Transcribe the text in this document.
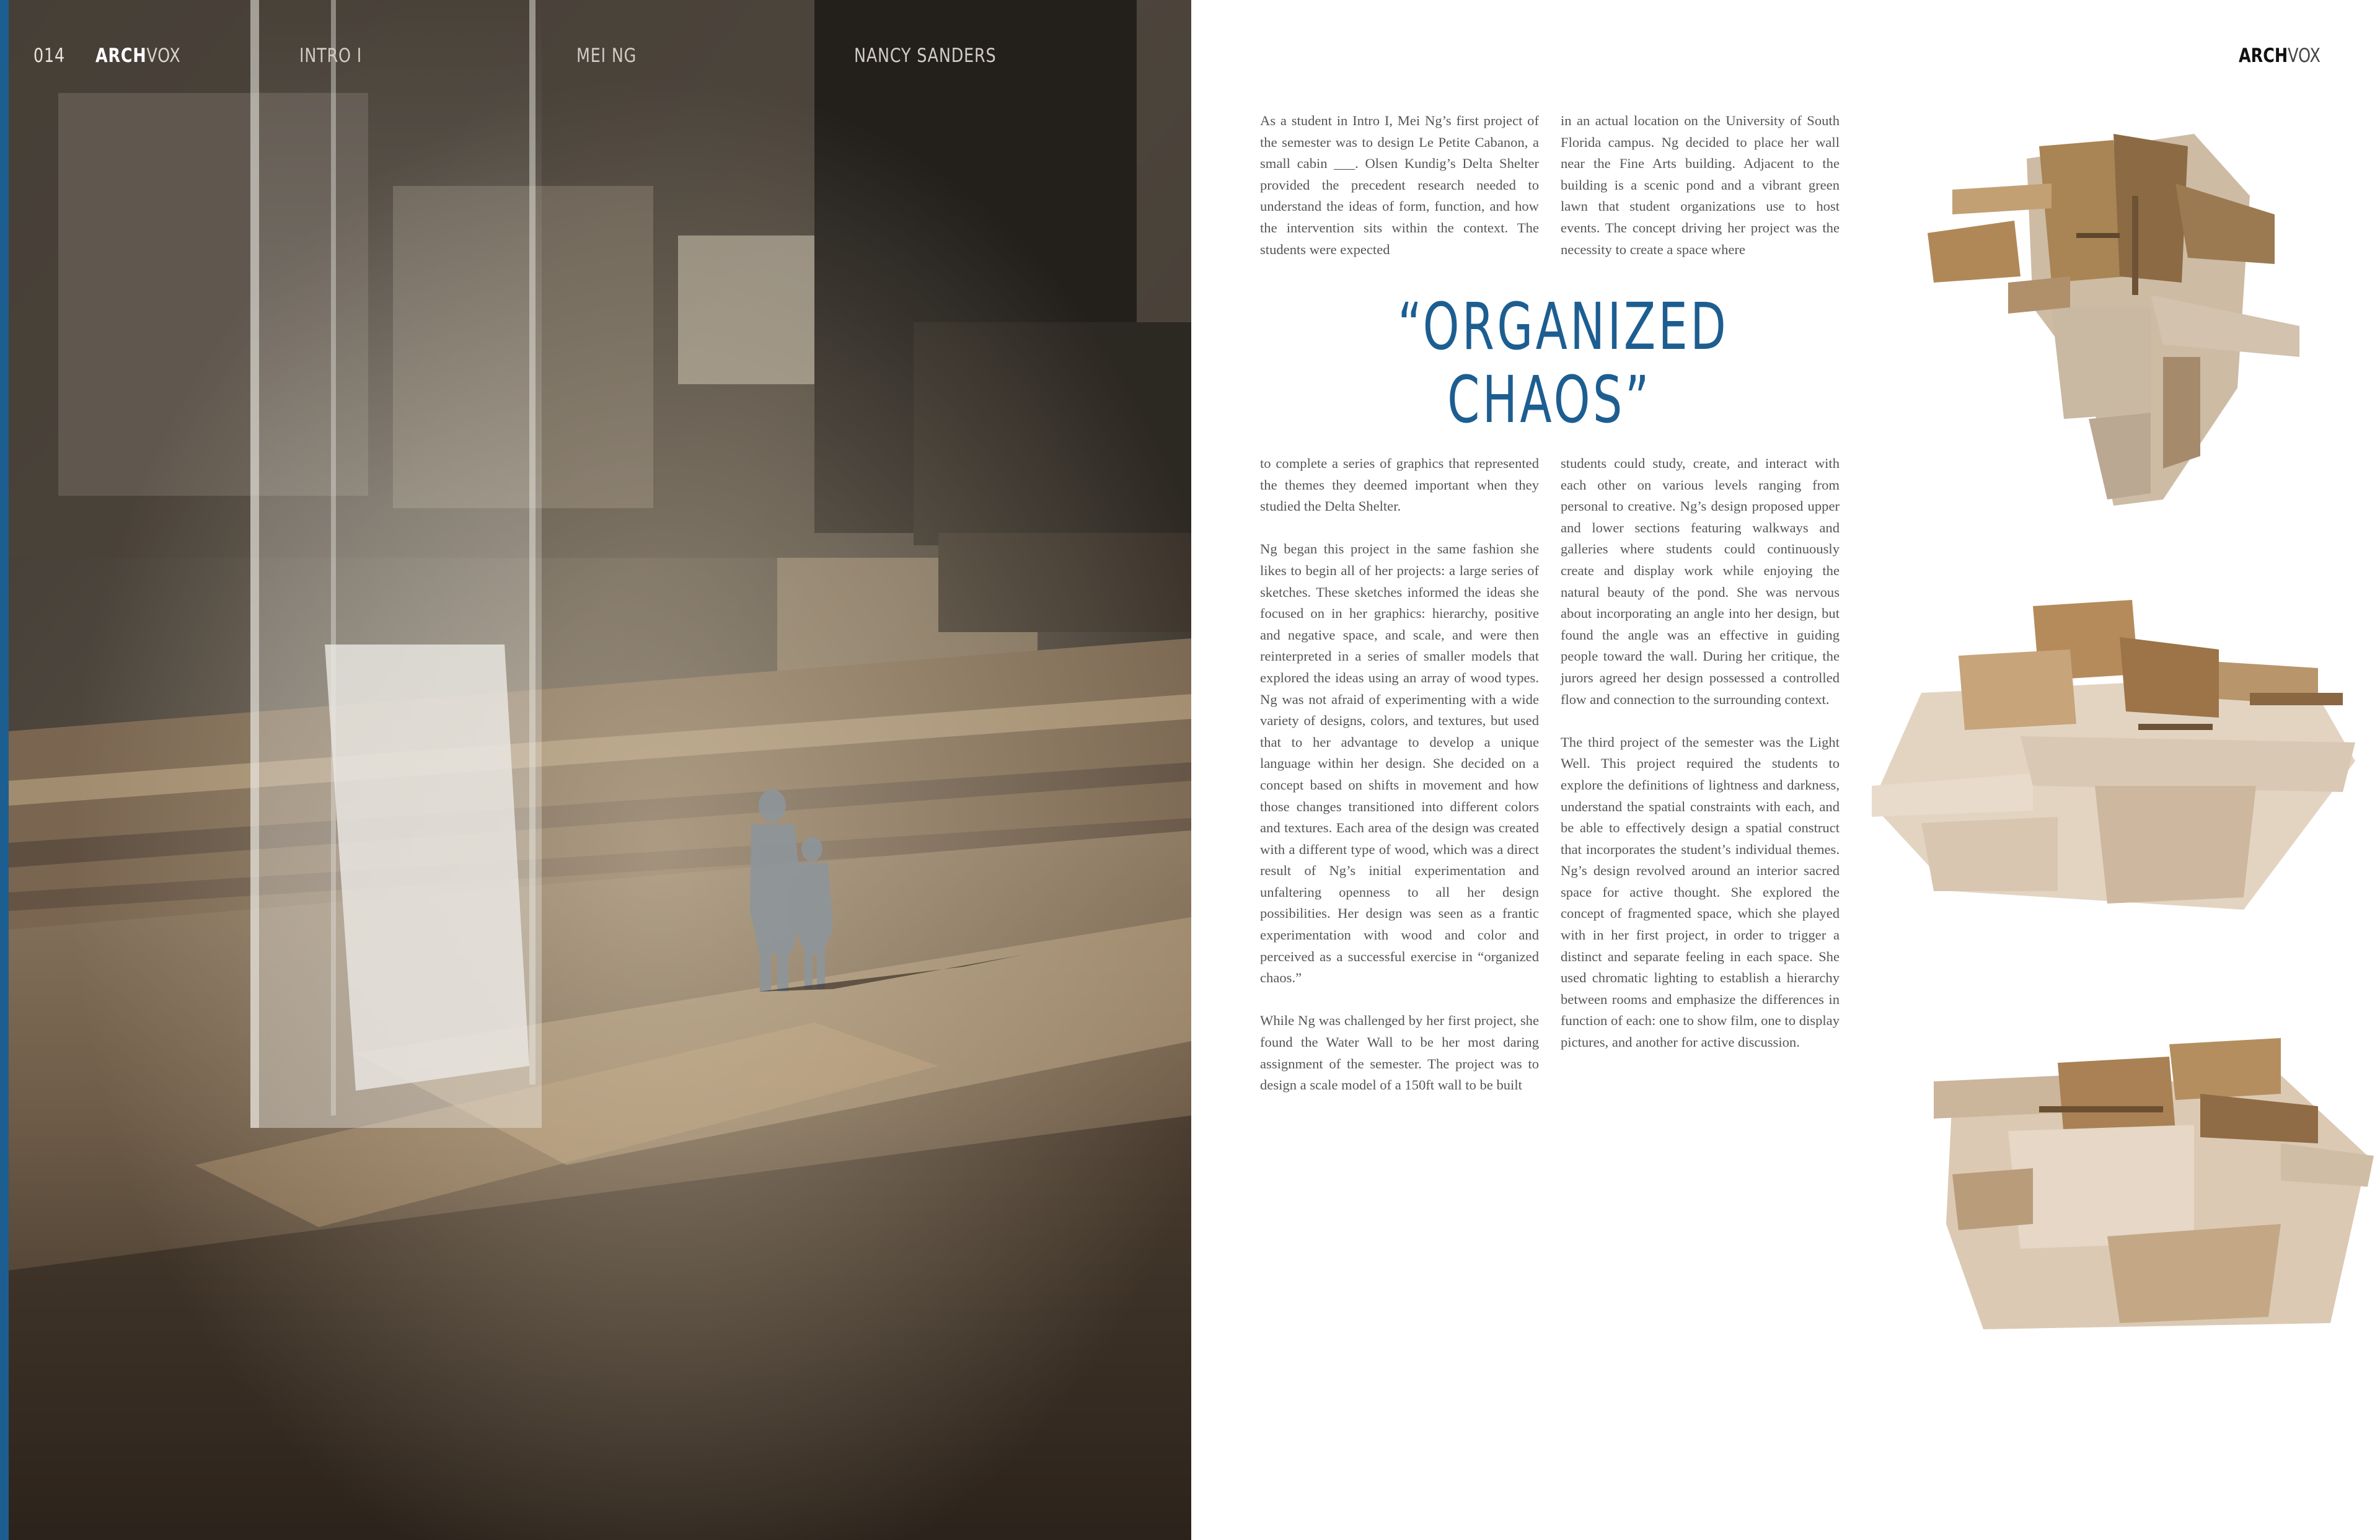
014 ARCHVOX	INTRO I	MEI NG	NANCY SANDERS	ARCHVOX

As a student in Intro I, Mei Ng’s first project of the semester was to design Le Petite Cabanon, a small cabin ___. Olsen Kundig’s Delta Shelter provided the precedent research needed to understand the ideas of form, function, and how the intervention sits within the context. The students were expected

in an actual location on the University of South Florida campus. Ng decided to place her wall near the Fine Arts building. Adjacent to the building is a scenic pond and a vibrant green lawn that student organizations use to host events. The concept driving her project was the necessity to create a space where

“ORGANIZED
CHAOS”

to complete a series of graphics that represented the themes they deemed important when they studied the Delta Shelter.

Ng began this project in the same fashion she likes to begin all of her projects: a large series of sketches. These sketches informed the ideas she focused on in her graphics: hierarchy, positive and negative space, and scale, and were then reinterpreted in a series of smaller models that explored the ideas using an array of wood types. Ng was not afraid of experimenting with a wide variety of designs, colors, and textures, but used that to her advantage to develop a unique language within her design. She decided on a concept based on shifts in movement and how those changes transitioned into different colors and textures. Each area of the design was created with a different type of wood, which was a direct result of Ng’s initial experimentation and unfaltering openness to all her design possibilities. Her design was seen as a frantic experimentation with wood and color and perceived as a successful exercise in “organized chaos.”

While Ng was challenged by her first project, she found the Water Wall to be her most daring assignment of the semester. The project was to design a scale model of a 150ft wall to be built

students could study, create, and interact with each other on various levels ranging from personal to creative. Ng’s design proposed upper and lower sections featuring walkways and galleries where students could continuously create and display work while enjoying the natural beauty of the pond. She was nervous about incorporating an angle into her design, but found the angle was an effective in guiding people toward the wall. During her critique, the jurors agreed her design possessed a controlled flow and connection to the surrounding context.

The third project of the semester was the Light Well. This project required the students to explore the definitions of lightness and darkness, understand the spatial constraints with each, and be able to effectively design a spatial construct that incorporates the student’s individual themes. Ng’s design revolved around an interior sacred space for active thought. She explored the concept of fragmented space, which she played with in her first project, in order to trigger a distinct and separate feeling in each space. She used chromatic lighting to establish a hierarchy between rooms and emphasize the differences in function of each: one to show film, one to display pictures, and another for active discussion.
